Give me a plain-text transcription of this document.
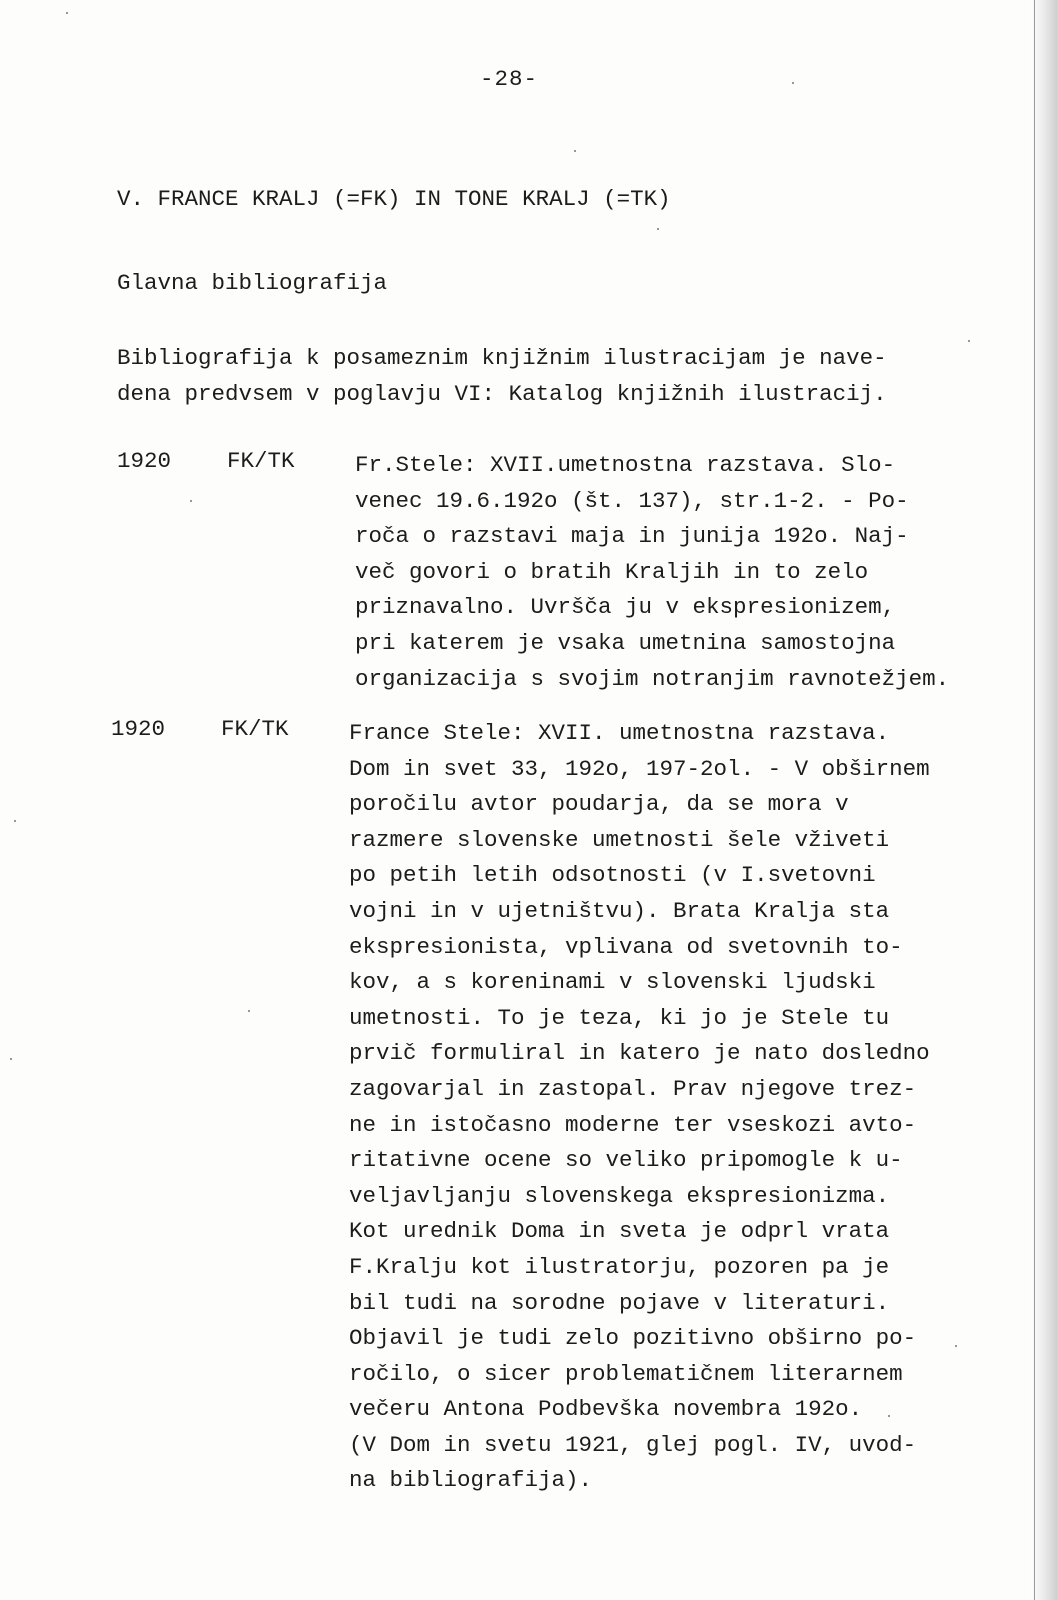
-28-
V. FRANCE KRALJ (=FK) IN TONE KRALJ (=TK)
Glavna bibliografija
Bibliografija k posameznim knjižnim ilustracijam je nave-
dena predvsem v poglavju VI: Katalog knjižnih ilustracij.
1920 FK/TK	Fr.Stele: XVII.umetnostna razstava. Slo-
venec 19.6.192o (št. 137), str.1-2. - Po-
roča o razstavi maja in junija 192o. Naj-
več govori o bratih Kraljih in to zelo
priznavalno. Uvršča ju v ekspresionizem,
pri katerem je vsaka umetnina samostojna
organizacija s svojim notranjim ravnotežjem.
1920 FK/TK	France Stele: XVII. umetnostna razstava.
Dom in svet 33, 192o, 197-2ol. - V obširnem
poročilu avtor poudarja, da se mora v
razmere slovenske umetnosti šele vživeti
po petih letih odsotnosti (v I.svetovni
vojni in v ujetništvu). Brata Kralja sta
ekspresionista, vplivana od svetovnih to-
kov, a s koreninami v slovenski ljudski
umetnosti. To je teza, ki jo je Stele tu
prvič formuliral in katero je nato dosledno
zagovarjal in zastopal. Prav njegove trez-
ne in istočasno moderne ter vseskozi avto-
ritativne ocene so veliko pripomogle k u-
veljavljanju slovenskega ekspresionizma.
Kot urednik Doma in sveta je odprl vrata
F.Kralju kot ilustratorju, pozoren pa je
bil tudi na sorodne pojave v literaturi.
Objavil je tudi zelo pozitivno obširno po-
ročilo, o sicer problematičnem literarnem
večeru Antona Podbevška novembra 192o.
(V Dom in svetu 1921, glej pogl. IV, uvod-
na bibliografija).
